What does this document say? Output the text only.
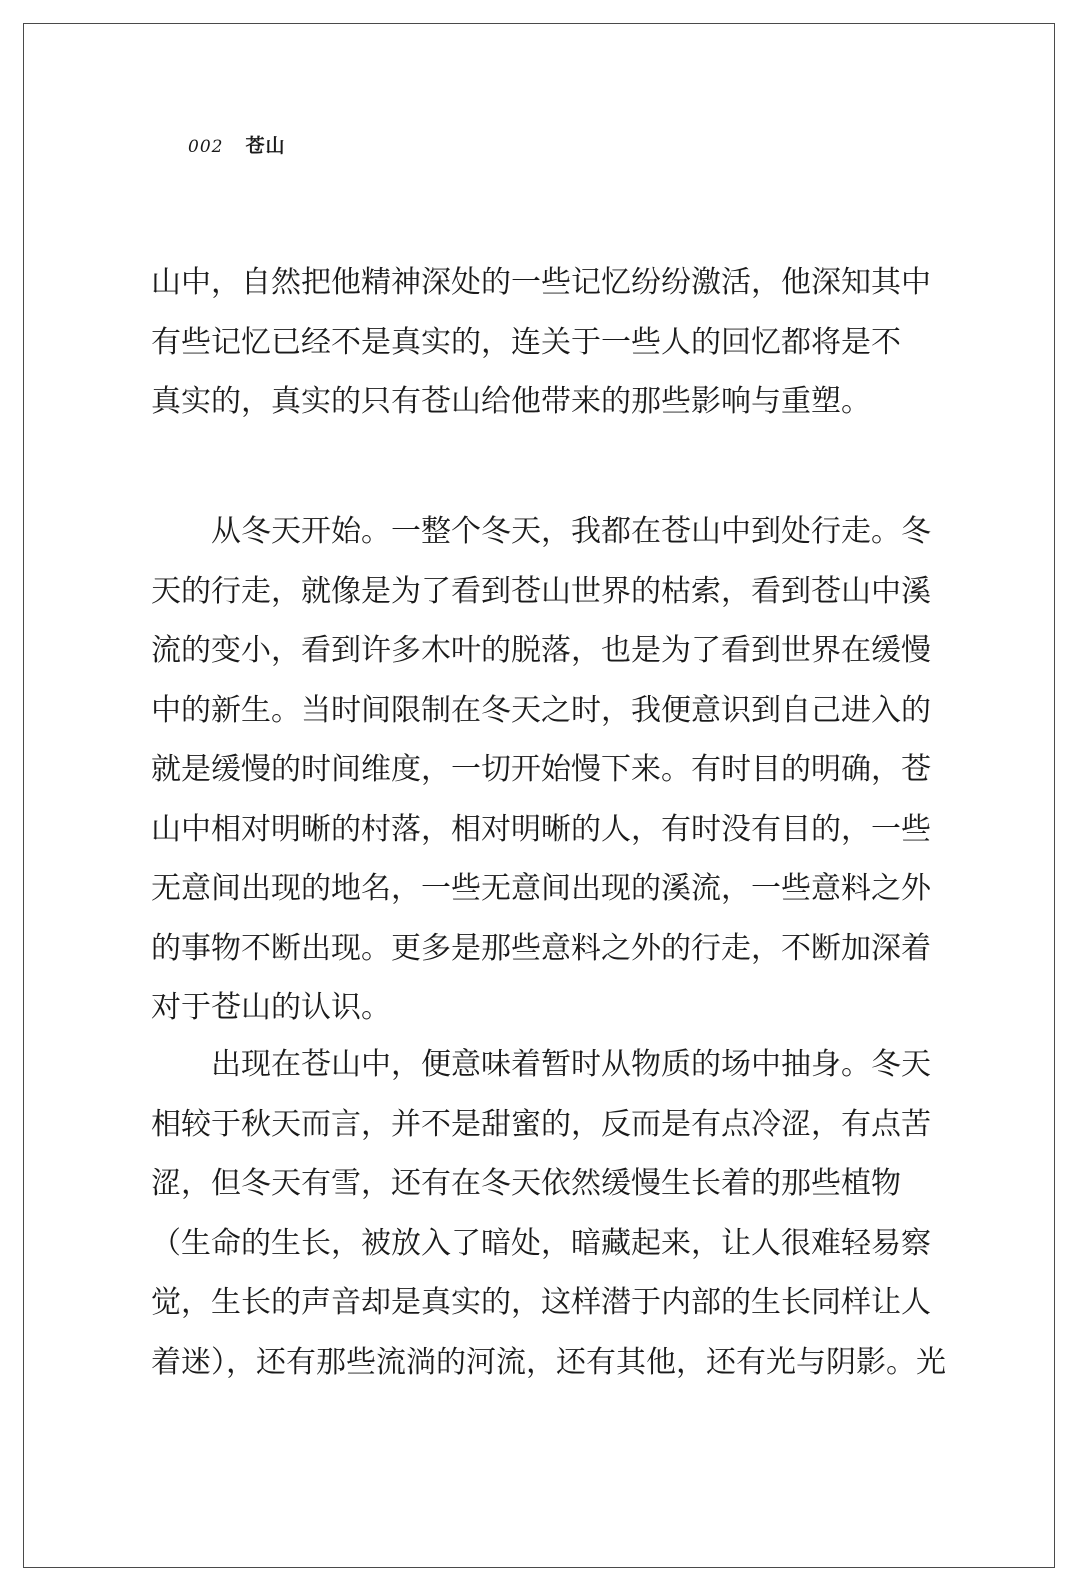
002 苍山
山中，自然把他精神深处的一些记忆纷纷激活，他深知其中
有些记忆已经不是真实的，连关于一些人的回忆都将是不
真实的，真实的只有苍山给他带来的那些影响与重塑。
从冬天开始。一整个冬天，我都在苍山中到处行走。冬
天的行走，就像是为了看到苍山世界的枯索，看到苍山中溪
流的变小，看到许多木叶的脱落，也是为了看到世界在缓慢
中的新生。当时间限制在冬天之时，我便意识到自己进入的
就是缓慢的时间维度，一切开始慢下来。有时目的明确，苍
山中相对明晰的村落，相对明晰的人，有时没有目的，一些
无意间出现的地名，一些无意间出现的溪流，一些意料之外
的事物不断出现。更多是那些意料之外的行走，不断加深着
对于苍山的认识。
出现在苍山中，便意味着暂时从物质的场中抽身。冬天
相较于秋天而言，并不是甜蜜的，反而是有点冷涩，有点苦
涩，但冬天有雪，还有在冬天依然缓慢生长着的那些植物
（生命的生长，被放入了暗处，暗藏起来，让人很难轻易察
觉，生长的声音却是真实的，这样潜于内部的生长同样让人
着迷），还有那些流淌的河流，还有其他，还有光与阴影。光
